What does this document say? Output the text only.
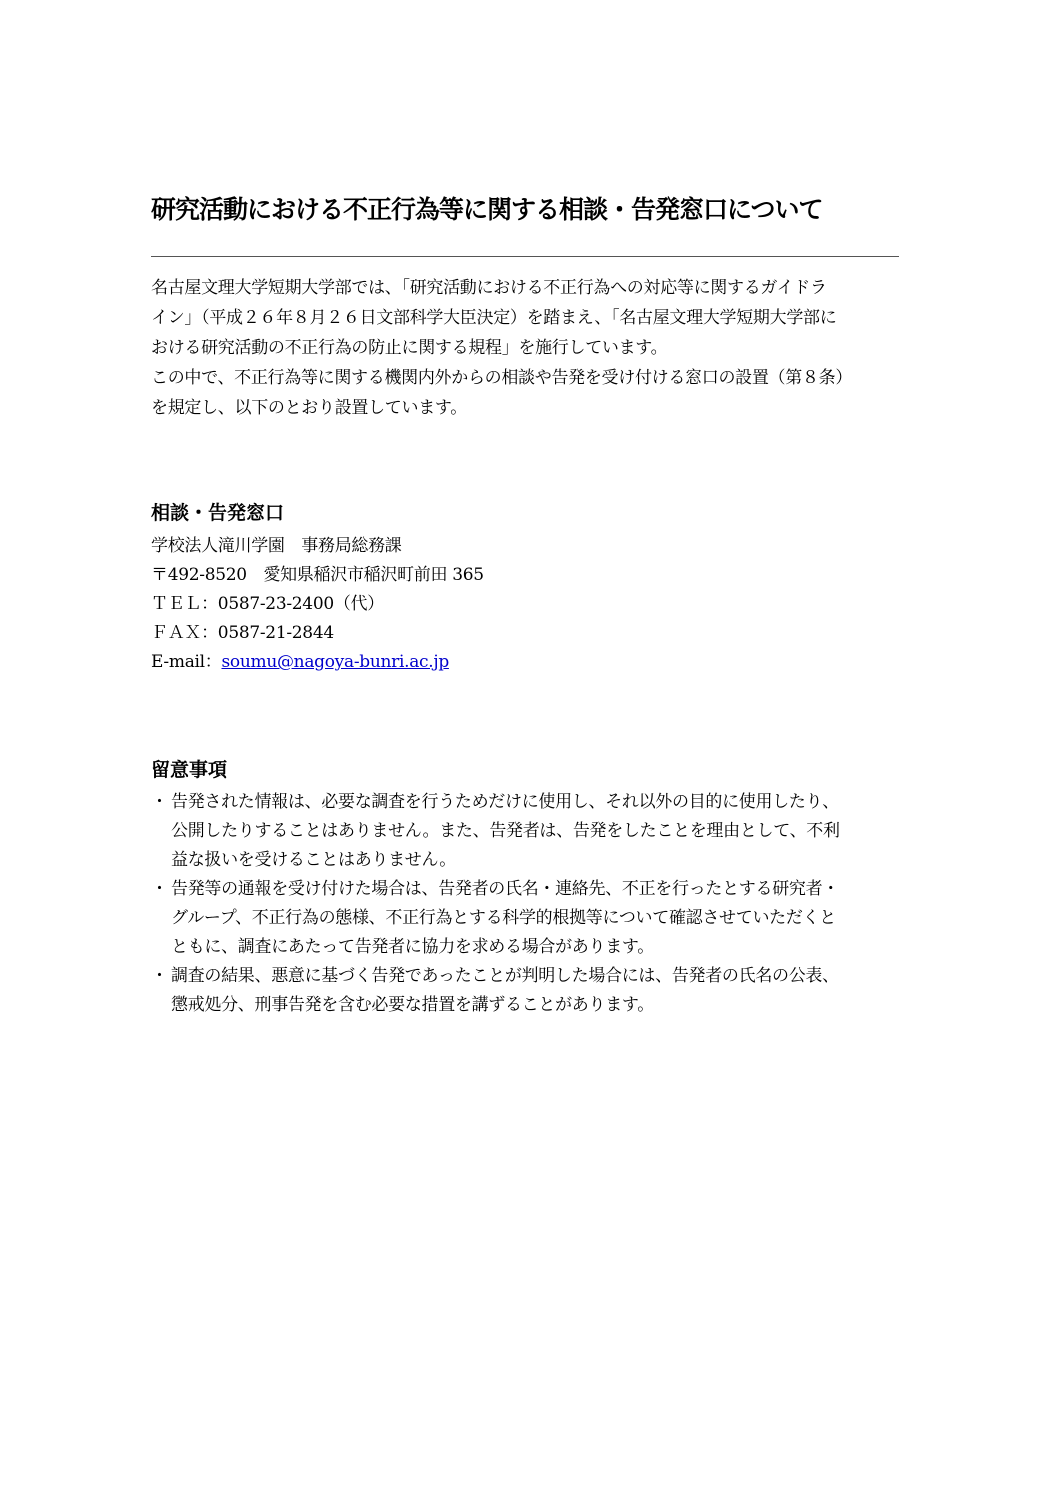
研究活動における不正行為等に関する相談・告発窓口について
名古屋文理大学短期大学部では、「研究活動における不正行為への対応等に関するガイドラ
イン」（平成２６年８月２６日文部科学大臣決定）を踏まえ、「名古屋文理大学短期大学部に
おける研究活動の不正行為の防止に関する規程」を施行しています。
この中で、不正行為等に関する機関内外からの相談や告発を受け付ける窓口の設置（第８条）
を規定し、以下のとおり設置しています。
相談・告発窓口
学校法人滝川学園　事務局総務課
〒492-8520　愛知県稲沢市稲沢町前田 365
ＴＥＬ：0587-23-2400（代）
ＦＡＸ：0587-21-2844
E-mail：soumu@nagoya-bunri.ac.jp
留意事項
・ 告発された情報は、必要な調査を行うためだけに使用し、それ以外の目的に使用したり、
公開したりすることはありません。また、告発者は、告発をしたことを理由として、不利
益な扱いを受けることはありません。
・ 告発等の通報を受け付けた場合は、告発者の氏名・連絡先、不正を行ったとする研究者・
グループ、不正行為の態様、不正行為とする科学的根拠等について確認させていただくと
ともに、調査にあたって告発者に協力を求める場合があります。
・ 調査の結果、悪意に基づく告発であったことが判明した場合には、告発者の氏名の公表、
懲戒処分、刑事告発を含む必要な措置を講ずることがあります。
